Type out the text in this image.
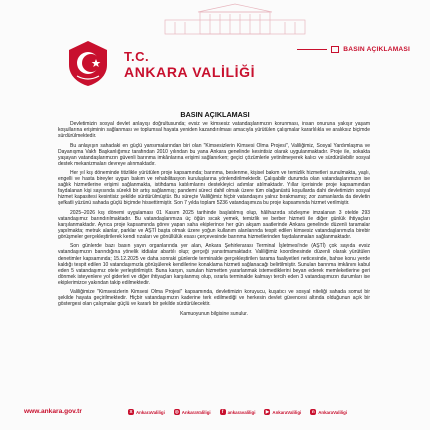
BASIN AÇIKLAMASI
T.C.
ANKARA VALİLİĞİ
BASIN AÇIKLAMASI

Devletimizin sosyal devlet anlayışı doğrultusunda; evsiz ve kimsesiz vatandaşlarımızın korunması, insan onuruna yakışır yaşam koşullarına erişiminin sağlanması ve toplumsal hayata yeniden kazandırılması amacıyla yürütülen çalışmalar kararlılıkla ve aralıksız biçimde sürdürülmektedir.

Bu anlayışın sahadaki en güçlü yansımalarından biri olan "Kimsesizlerin Kimsesi Olma Projesi", Valiliğimiz, Sosyal Yardımlaşma ve Dayanışma Vakfı Başkanlığımız tarafından 2010 yılından bu yana Ankara genelinde kesintisiz olarak uygulanmaktadır. Proje ile, sokakta yaşayan vatandaşlarımızın güvenli barınma imkânlarına erişimi sağlanırken; geçici çözümlerle yetinilmeyerek kalıcı ve sürdürülebilir sosyal destek mekanizmaları devreye alınmaktadır.

Her yıl kış döneminde titizlikle yürütülen proje kapsamında; barınma, beslenme, kişisel bakım ve temizlik hizmetleri sunulmakta, yaşlı, engelli ve hasta bireyler uygun bakım ve rehabilitasyon kuruluşlarına yönlendirilmektedir. Çalışabilir durumda olan vatandaşlarımızın ise sağlık hizmetlerine erişimi sağlanmakta, istihdama katılımlarını destekleyici adımlar atılmaktadır. Yıllar içerisinde proje kapsamından faydalanan kişi sayısında sürekli bir artış sağlanmış; pandemi süreci dahil olmak üzere tüm olağanüstü koşullarda dahi devletimizin sosyal hizmet kapasitesi kesintisiz şekilde sürdürülmüştür. Bu süreçte Valiliğimiz hiçbir vatandaşını yalnız bırakmamış; zor zamanlarda da devletin şefkatli yüzünü sahada güçlü biçimde hissettirmiştir. Son 7 yılda toplam 5236 vatandaşımıza bu proje kapsamında hizmet verilmiştir.

2025–2026 kış dönemi uygulaması 01 Kasım 2025 tarihinde başlatılmış olup, hâlihazırda sözleşme imzalanan 3 otelde 293 vatandaşımız barındırılmaktadır. Bu vatandaşlarımıza üç öğün sıcak yemek, temizlik ve berber hizmeti ile diğer günlük ihtiyaçları karşılanmaktadır. Ayrıca proje kapsamında görev yapan saha ekiplerince her gün akşam saatlerinde Ankara genelinde düzenli taramalar yapılmakta; metruk alanlar, parklar ve AŞTİ başta olmak üzere yoğun kullanım alanlarında tespit edilen kimsesiz vatandaşlarımızla birebir görüşmeler gerçekleştirilerek kendi rızaları ve gönüllülük esası çerçevesinde barınma hizmetlerinden faydalanmaları sağlanmaktadır.

Son günlerde bazı basın yayın organlarında yer alan, Ankara Şehirlerarası Terminal İşletmesi'nde (AŞTİ) çok sayıda evsiz vatandaşımızın barındığına yönelik iddialar abartılı olup; gerçeği yansıtmamaktadır. Valiliğimiz koordinesinde düzenli olarak yürütülen denetimler kapsamında; 15.12.2025 ve daha sonraki günlerde terminalde gerçekleştirilen tarama faaliyetleri neticesinde, bahse konu yerde kaldığı tespit edilen 10 vatandaşımızla görüşülerek kendilerine konaklama hizmeti sağlanacağı belirtilmiştir. Sunulan barınma imkânını kabul eden 5 vatandaşımız otele yerleştirilmiştir. Buna karşın, sunulan hizmetten yararlanmak istemediklerini beyan ederek memleketlerine geri dönmek isteyenlere yol giderleri ve diğer ihtiyaçları karşılanmış olup, ısrarla terminalde kalmayı tercih eden 3 vatandaşımızın durumları ise ekiplerimizce yakından takip edilmektedir.

Valiliğimize "Kimsesizlerin Kimsesi Olma Projesi" kapsamında, devletimizin koruyucu, kuşatıcı ve sosyal niteliği sahada somut bir şekilde hayata geçirilmektedir. Hiçbir vatandaşımızın kaderine terk edilmediği ve herkesin devlet güvencesi altında olduğunun açık bir göstergesi olan çalışmalar güçlü ve kararlı bir şekilde sürdürülecektir.

Kamuoyunun bilgisine sunulur.

www.ankara.gov.tr	X AnkaraValiligi ◎ AnkaraValiligi	f ankaravaliligi ▶ AnkaraValiligi	n AnkaraValiligi
